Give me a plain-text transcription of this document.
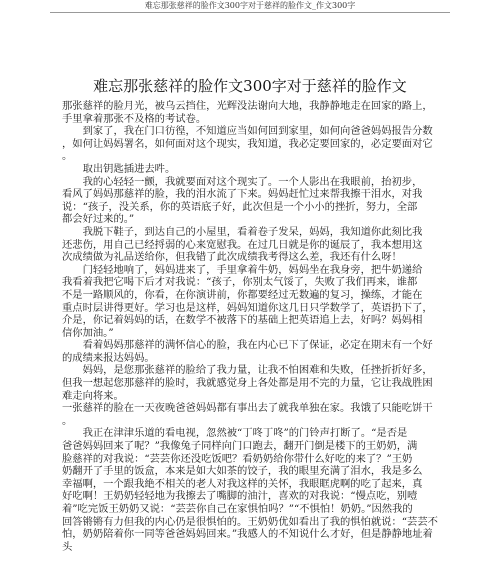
难忘那张慈祥的脸作文300字对于慈祥的脸作文_作文300字
难忘那张慈祥的脸作文300字对于慈祥的脸作文
那张慈祥的脸月光，被乌云挡住，光辉没法谢向大地，我静静地走在回家的路上，
手里拿着那张不及格的考试卷。
　　到家了，我在门口彷徨，不知道应当如何回到家里，如何向爸爸妈妈报告分数
，如何让妈妈署名，如何面对这个现实，我知道，我必定要回家的，必定要面对它
。
　　取出钥匙插进去吽。
　　我的心轻轻一颤，我就要面对这个现实了。一个人影出在我眼前，抬初步，
看风了妈妈那慈祥的脸，我的泪水流了下来。妈妈赶忙过来帮我擦干泪水，对我
说：“孩子，没关系，你的英语底子好，此次但是一个小小的挫折，努力，全部
都会好过来的。”
　　我脱下鞋子，到达自己的小屋里，看着卷子发呆，妈妈，我知道你此刻比我
还悲伤，用自己已经捋弱的心来宽慰我。在过几日就是你的诞辰了，我本想用这
次成绩做为礼品送给你，但我错了此次成绩我考得这么差，我还有什么呀！
　　门轻轻地响了，妈妈进来了，手里拿着牛奶，妈妈坐在我身旁，把牛奶递给
我看着我把它喝下后才对我说：“孩子，你别太气馁了，失败了我们再来，谁都
不是一路顺风的，你看，在你演讲前，你都要经过无数遍的复习，操练，才能在
重点时层讲得更好。学习也是这样，妈妈知道你这几日只学数学了，英语扔下了，
介是，你记着妈妈的话，在数学不被落下的基础上把英语追上去，好吗？妈妈相
信你加油。”
　　看着妈妈那慈祥的满怀信心的脸，我在内心已下了保证，必定在期末有一个好
的成绩来报达妈妈。
　　妈妈，是您那张慈祥的脸给了我力量，让我不怕困难和失败，任挫折折好多，
但我一想起您那慈祥的脸时，我就感觉身上各处都是用不完的力量，它让我战胜困
难走向将来。
一张慈祥的脸在一天夜晚爸爸妈妈都有事出去了就我单独在家。我饿了只能吃饼干
。
　　我正在津津乐道的看电视，忽然被“丁咚丁咚”的门铃声打断了。“是否是
爸爸妈妈回来了呢？”我像兔子同样向门口跑去，翻开门倒是楼下的王奶奶，满
脸慈祥的对我说：“芸芸你还没吃饭吧？看奶奶给你带什么好吃的来了？”王奶
奶翻开了手里的饭盒，本来是如大如茶的饺子，我的眼里充满了泪水，我是多么
幸福啊，一个跟我絶不相关的老人对我这样的关怀，我眼眶虎啊的吃了起来，真
好吃啊！王奶奶轻轻地为我擦去了嘴脚的油汁，喜欢的对我说：“慢点吃，别噎
着”吃完饭王奶奶又说：“芸芸你自己在家惧怕吗？”“不惧怕！奶奶。”因然我的
回答锵锵有力但我的内心仍是很惧怕的。王奶奶优如看出了我的惧怕就说：“芸芸不
怕，奶奶陪着你一同等爸爸妈妈回来。”我感人的不知说什么才好，但是静静地址着
头
